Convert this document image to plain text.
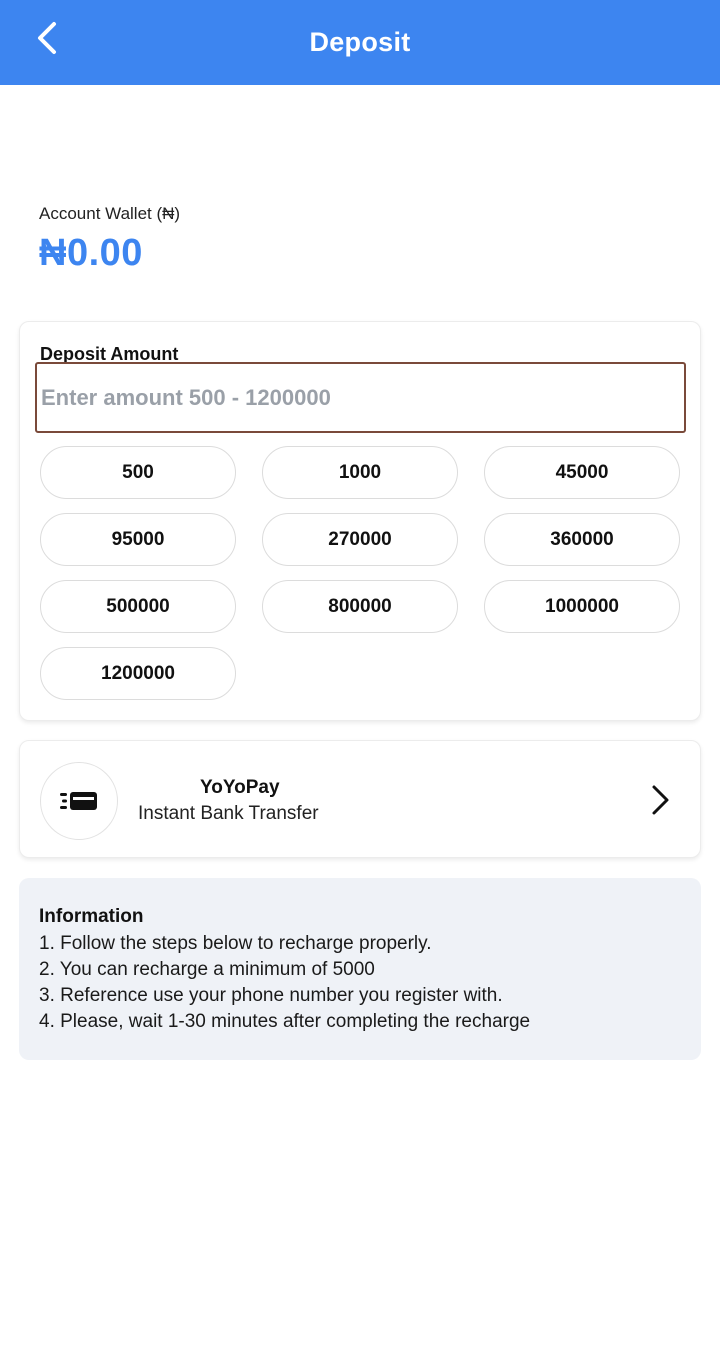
Deposit
Account Wallet (₦)
₦0.00
Deposit Amount
Enter amount 500 - 1200000
500	1000	45000
95000	270000	360000
500000	800000	1000000
1200000
YoYoPay
Instant Bank Transfer
Information
1. Follow the steps below to recharge properly.
2. You can recharge a minimum of 5000
3. Reference use your phone number you register with.
4. Please, wait 1-30 minutes after completing the recharge
